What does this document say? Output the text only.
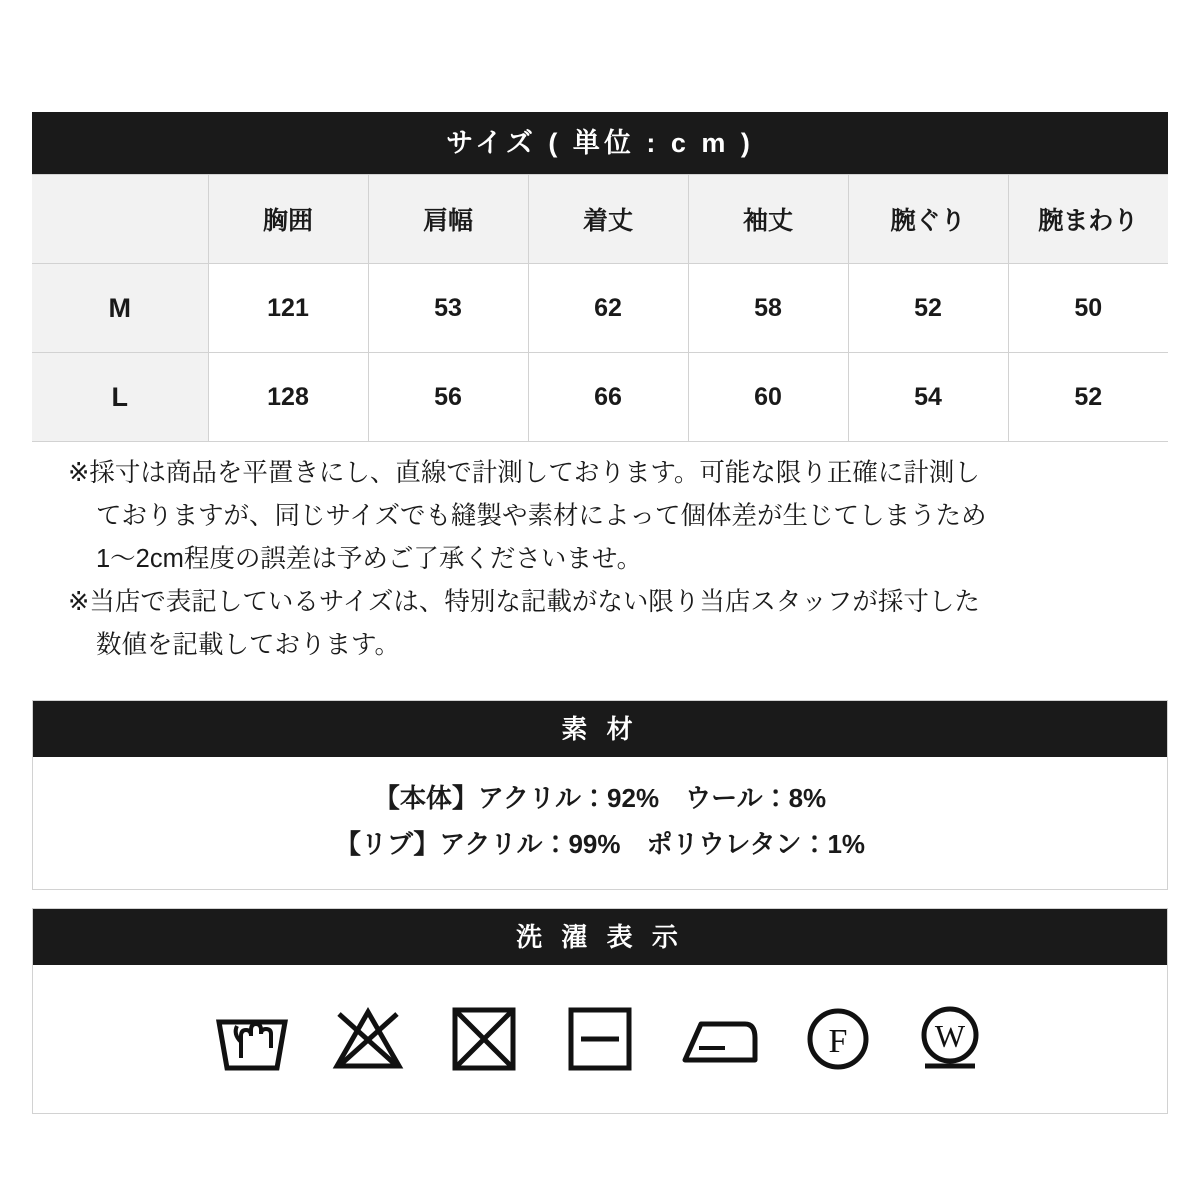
サイズ ( 単位 : c m )
	胸囲	肩幅	着丈	袖丈	腕ぐり	腕まわり
M	121	53	62	58	52	50
L	128	56	66	60	54	52

※採寸は商品を平置きにし、直線で計測しております。可能な限り正確に計測し

ておりますが、同じサイズでも縫製や素材によって個体差が生じてしまうため

1〜2cm程度の誤差は予めご了承くださいませ。

※当店で表記しているサイズは、特別な記載がない限り当店スタッフが採寸した

数値を記載しております。

素 材
【本体】アクリル：92%　ウール：8%
【リブ】アクリル：99%　ポリウレタン：1%
洗 濯 表 示
F	W
